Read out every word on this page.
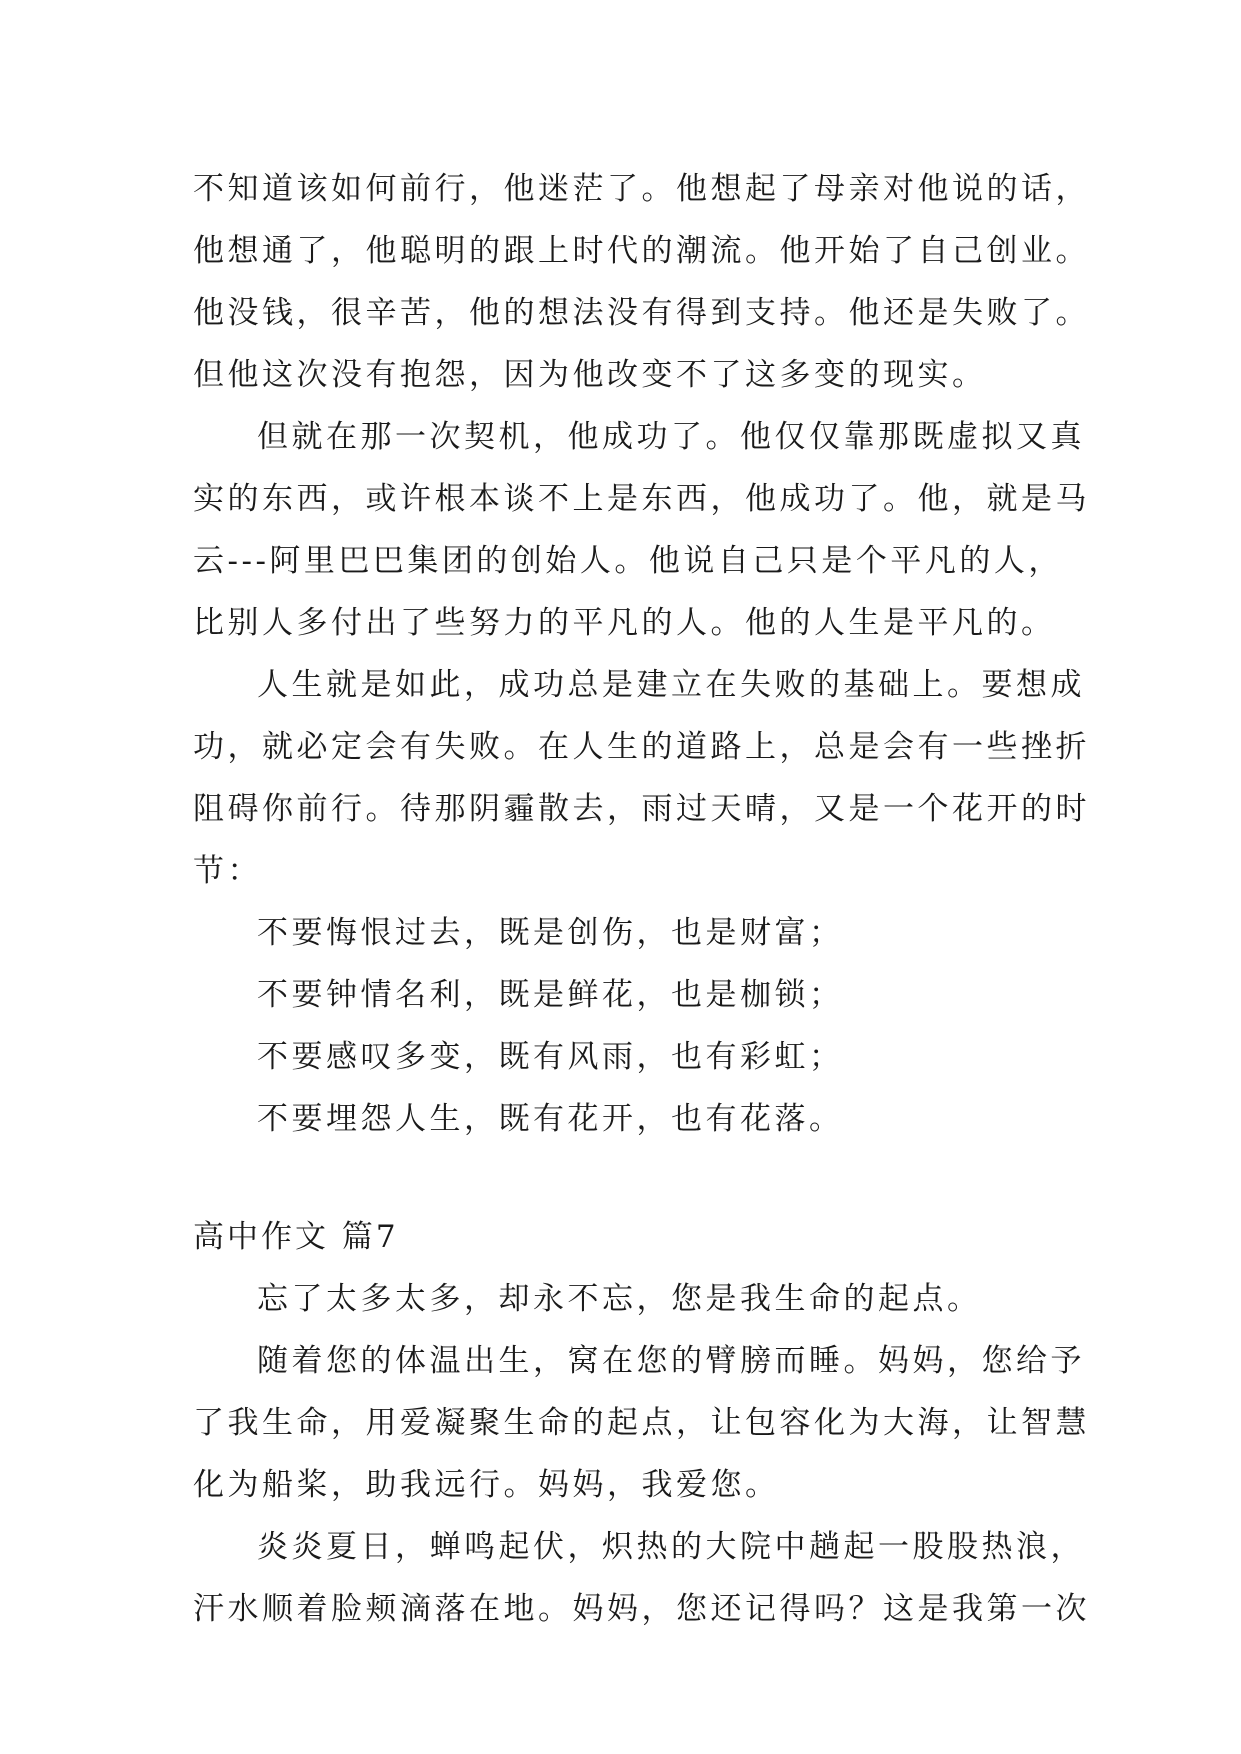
不知道该如何前行，他迷茫了。他想起了母亲对他说的话，
他想通了，他聪明的跟上时代的潮流。他开始了自己创业。
他没钱，很辛苦，他的想法没有得到支持。他还是失败了。
但他这次没有抱怨，因为他改变不了这多变的现实。
但就在那一次契机，他成功了。他仅仅靠那既虚拟又真
实的东西，或许根本谈不上是东西，他成功了。他，就是马
云---阿里巴巴集团的创始人。他说自己只是个平凡的人，
比别人多付出了些努力的平凡的人。他的人生是平凡的。
人生就是如此，成功总是建立在失败的基础上。要想成
功，就必定会有失败。在人生的道路上，总是会有一些挫折
阻碍你前行。待那阴霾散去，雨过天晴，又是一个花开的时
节：
不要悔恨过去，既是创伤，也是财富；
不要钟情名利，既是鲜花，也是枷锁；
不要感叹多变，既有风雨，也有彩虹；
不要埋怨人生，既有花开，也有花落。
高中作文 篇7
忘了太多太多，却永不忘，您是我生命的起点。
随着您的体温出生，窝在您的臂膀而睡。妈妈，您给予
了我生命，用爱凝聚生命的起点，让包容化为大海，让智慧
化为船桨，助我远行。妈妈，我爱您。
炎炎夏日，蝉鸣起伏，炽热的大院中趟起一股股热浪，
汗水顺着脸颊滴落在地。妈妈，您还记得吗？这是我第一次
